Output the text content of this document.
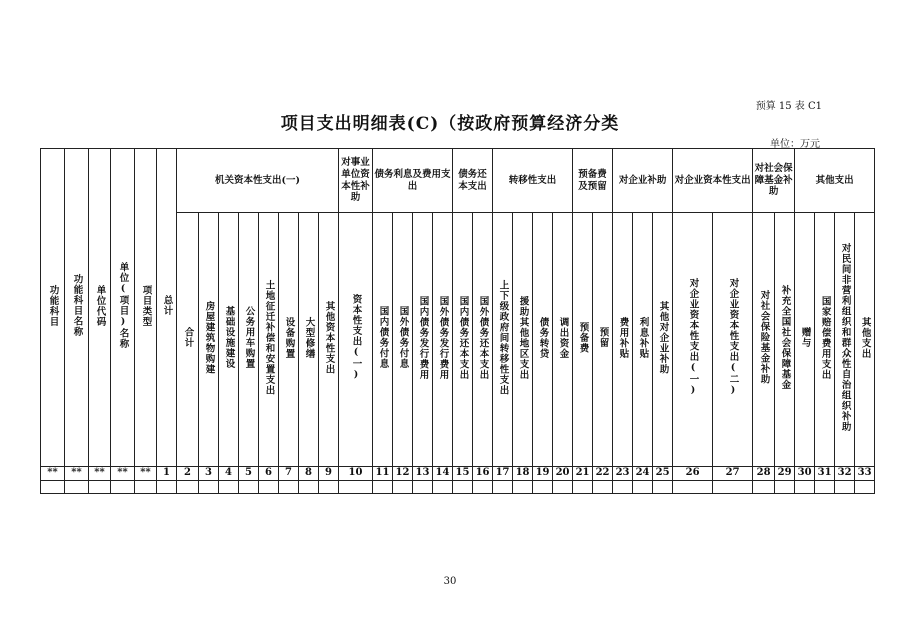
预算 15 表 C1
项目支出明细表(C)（按政府预算经济分类
单位：万元
功能科目	功能科目名称	单位代码	单位(项目)名称	项目类型	总计	机关资本性支出(一)								对事业单位资本性补助	债务利息及费用支出				债务还本支出		转移性支出				预备费及预留		对企业补助			对企业资本性支出		对社会保障基金补助		其他支出			

						合计	房屋建筑物购建	基础设施建设	公务用车购置	土地征迁补偿和安置支出	设备购置	大型修缮	其他资本性支出	资本性支出(一)	国内债务付息	国外债务付息	国内债务发行费用	国外债务发行费用	国内债务还本支出	国外债务还本支出	上下级政府间转移性支出	援助其他地区支出	债务转贷	调出资金	预备费	预留	费用补贴	利息补贴	其他对企业补助	对企业资本性支出(一)	对企业资本性支出(二)	对社会保险基金补助	补充全国社会保障基金	赠与	国家赔偿费用支出	对民间非营利组织和群众性自治组织补助	其他支出
**	**	**	**	**	1	2	3	4	5	6	7	8	9	10	11	12	13	14	15	16	17	18	19	20	21	22	23	24	25	26	27	28	29	30	31	32	33

30
